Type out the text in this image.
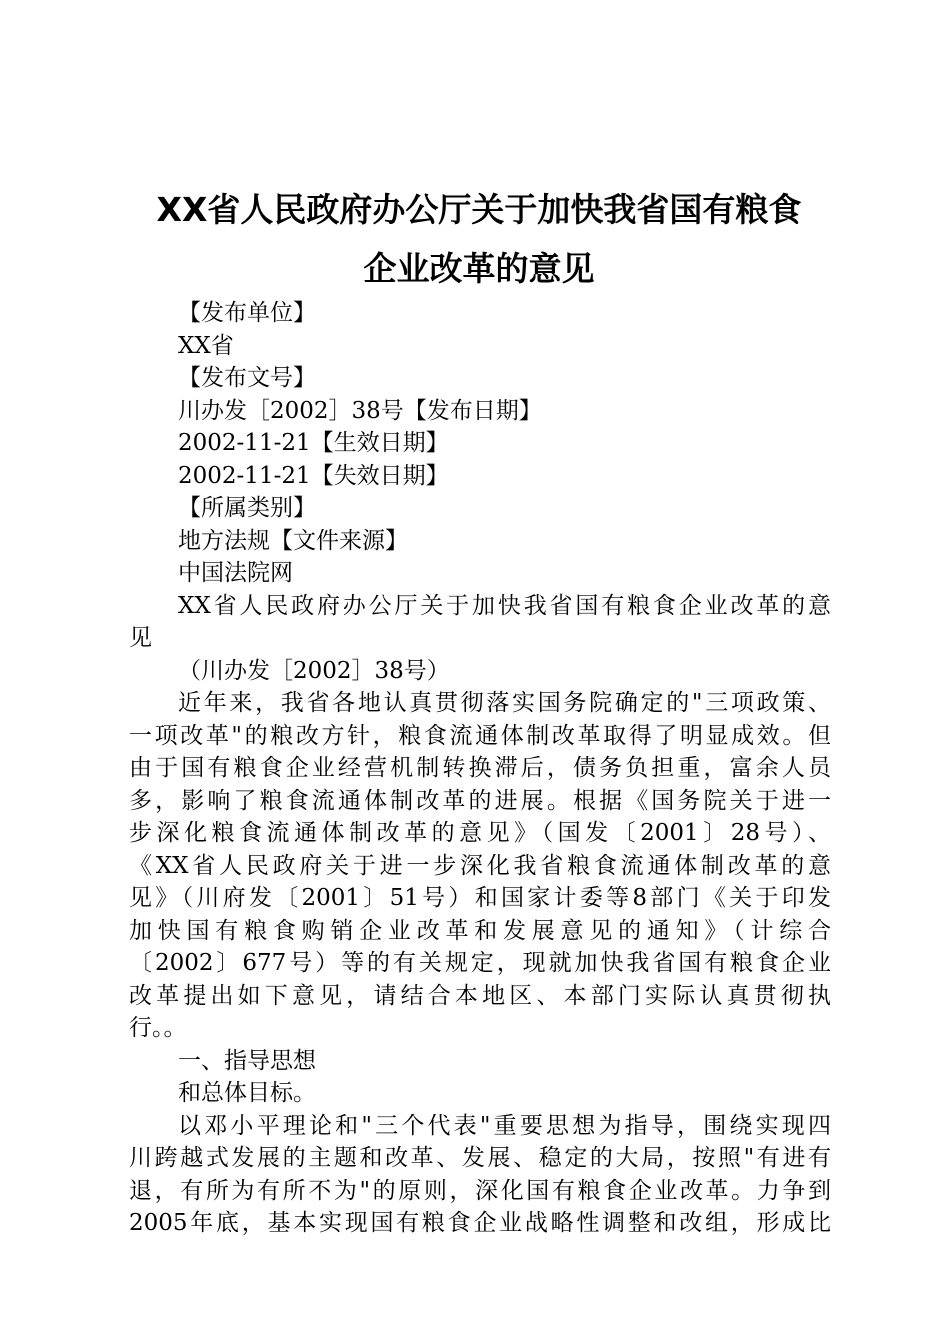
XX省人民政府办公厅关于加快我省国有粮食
企业改革的意见
【发布单位】
XX省
【发布文号】
川办发［2002］38号【发布日期】
2002-11-21【生效日期】
2002-11-21【失效日期】
【所属类别】
地方法规【文件来源】
中国法院网
XX省人民政府办公厅关于加快我省国有粮食企业改革的意
见
（川办发［2002］38号）
近年来，我省各地认真贯彻落实国务院确定的"三项政策、
一项改革"的粮改方针，粮食流通体制改革取得了明显成效。但
由于国有粮食企业经营机制转换滞后，债务负担重，富余人员
多，影响了粮食流通体制改革的进展。根据《国务院关于进一
步深化粮食流通体制改革的意见》（国发〔2001〕28号）、
《XX省人民政府关于进一步深化我省粮食流通体制改革的意
见》（川府发〔2001〕51号）和国家计委等8部门《关于印发
加快国有粮食购销企业改革和发展意见的通知》（计综合
〔2002〕677号）等的有关规定，现就加快我省国有粮食企业
改革提出如下意见，请结合本地区、本部门实际认真贯彻执
行。。
一、指导思想
和总体目标。
以邓小平理论和"三个代表"重要思想为指导，围绕实现四
川跨越式发展的主题和改革、发展、稳定的大局，按照"有进有
退，有所为有所不为"的原则，深化国有粮食企业改革。力争到
2005年底，基本实现国有粮食企业战略性调整和改组，形成比
